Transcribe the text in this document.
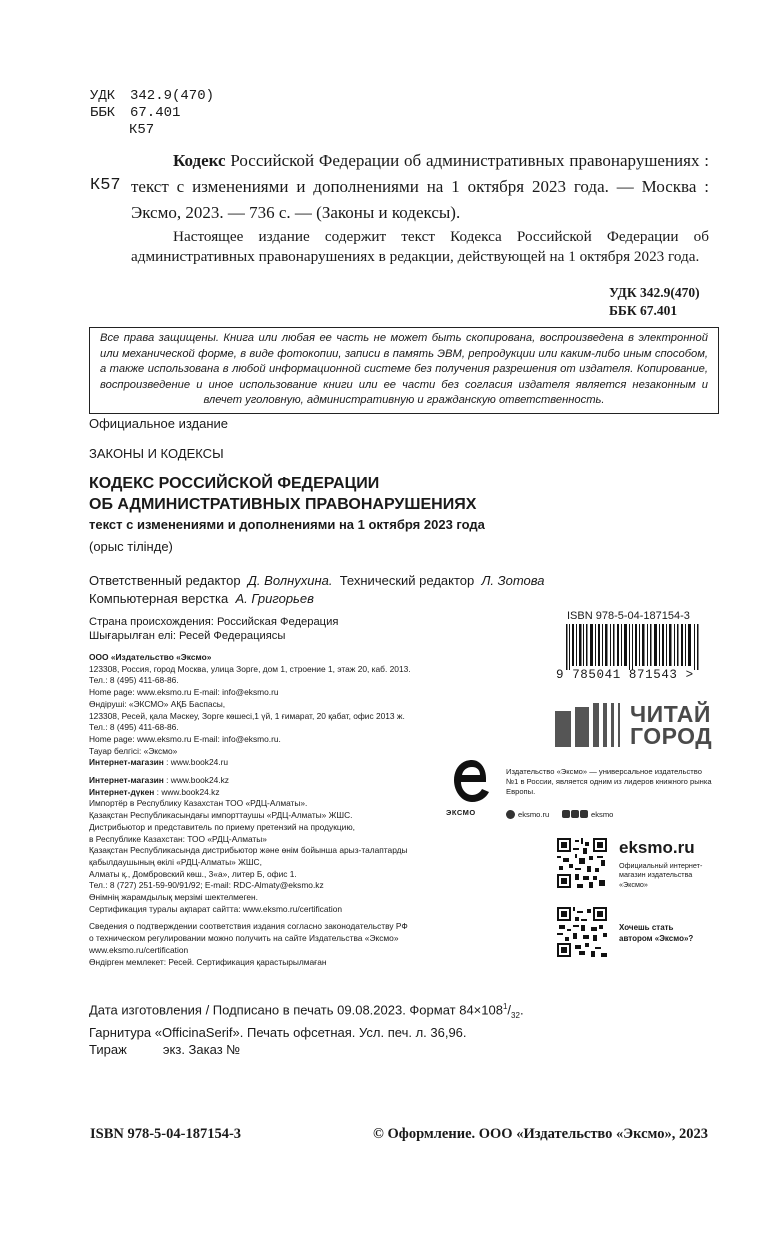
УДК 342.9(470)
ББК 67.401
К57
К57

Кодекс Российской Федерации об административных правонарушениях : текст с изменениями и дополнениями на 1 октября 2023 года. — Москва : Эксмо, 2023. — 736 с. — (Законы и кодексы).

Настоящее издание содержит текст Кодекса Российской Федерации об административных правонарушениях в редакции, действующей на 1 октября 2023 года.

УДК 342.9(470)
ББК 67.401
Все права защищены. Книга или любая ее часть не может быть скопирована, воспроизведена в электронной или механической форме, в виде фотокопии, записи в память ЭВМ, репродукции или каким-либо иным способом, а также использована в любой информационной системе без получения разрешения от издателя. Копирование, воспроизведение и иное использование книги или ее части без согласия издателя является незаконным и влечет уголовную, административную и гражданскую ответственность.
Официальное издание
ЗАКОНЫ И КОДЕКСЫ
КОДЕКС РОССИЙСКОЙ ФЕДЕРАЦИИ
ОБ АДМИНИСТРАТИВНЫХ ПРАВОНАРУШЕНИЯХ
текст с изменениями и дополнениями на 1 октября 2023 года
(орыс тілінде)
Ответственный редактор Д. Волнухина. Технический редактор Л. Зотова
Компьютерная верстка А. Григорьев
Страна происхождения: Российская Федерация
Шығарылған елі: Ресей Федерациясы
ООО «Издательство «Эксмо»
123308, Россия, город Москва, улица Зорге, дом 1, строение 1, этаж 20, каб. 2013.
Тел.: 8 (495) 411-68-86.
Home page: www.eksmo.ru E-mail: info@eksmo.ru
Өндіруші: «ЭКСМО» АҚБ Баспасы,
123308, Ресей, қала Мәскеу, Зорге көшесі,1 үй, 1 ғимарат, 20 қабат, офис 2013 ж.
Тел.: 8 (495) 411-68-86.
Home page: www.eksmo.ru E-mail: info@eksmo.ru.
Тауар белгісі: «Эксмо»
Интернет-магазин : www.book24.ru
Интернет-магазин : www.book24.kz
Интернет-дүкен : www.book24.kz
Импортёр в Республику Казахстан ТОО «РДЦ-Алматы».
Қазақстан Республикасындағы импорттаушы «РДЦ-Алматы» ЖШС.
Дистрибьютор и представитель по приему претензий на продукцию,
в Республике Казахстан: ТОО «РДЦ-Алматы»
Қазақстан Республикасында дистрибьютор және өнім бойынша арыз-талаптарды
қабылдаушының өкілі «РДЦ-Алматы» ЖШС,
Алматы қ., Домбровский көш., 3«а», литер Б, офис 1.
Тел.: 8 (727) 251-59-90/91/92; E-mail: RDC-Almaty@eksmo.kz
Өнімнің жарамдылық мерзімі шектелмеген.
Сертификация туралы ақпарат сайтта: www.eksmo.ru/certification
Сведения о подтверждении соответствия издания согласно законодательству РФ
о техническом регулировании можно получить на сайте Издательства «Эксмо»
www.eksmo.ru/certification
Өндірген мемлекет: Ресей. Сертификация қарастырылмаған
Дата изготовления / Подписано в печать 09.08.2023. Формат $84\times 108^1/_{32}$.
Гарнитура «OfficinaSerif». Печать офсетная. Усл. печ. л. 36,96.
Тираж          экз. Заказ №
ISBN 978-5-04-187154-3	© Оформление. ООО «Издательство «Эксмо», 2023
ISBN 978-5-04-187154-3
9 785041 871543 >
ЧИТАЙ
ГОРОД
ЭКСМО
Издательство «Эксмо» — универсальное издательство №1 в России, является одним из лидеров книжного рынка Европы.
eksmo.ru	eksmo
eksmo.ru
Официальный интернет-магазин издательства «Эксмо»
Хочешь стать
автором «Эксмо»?
